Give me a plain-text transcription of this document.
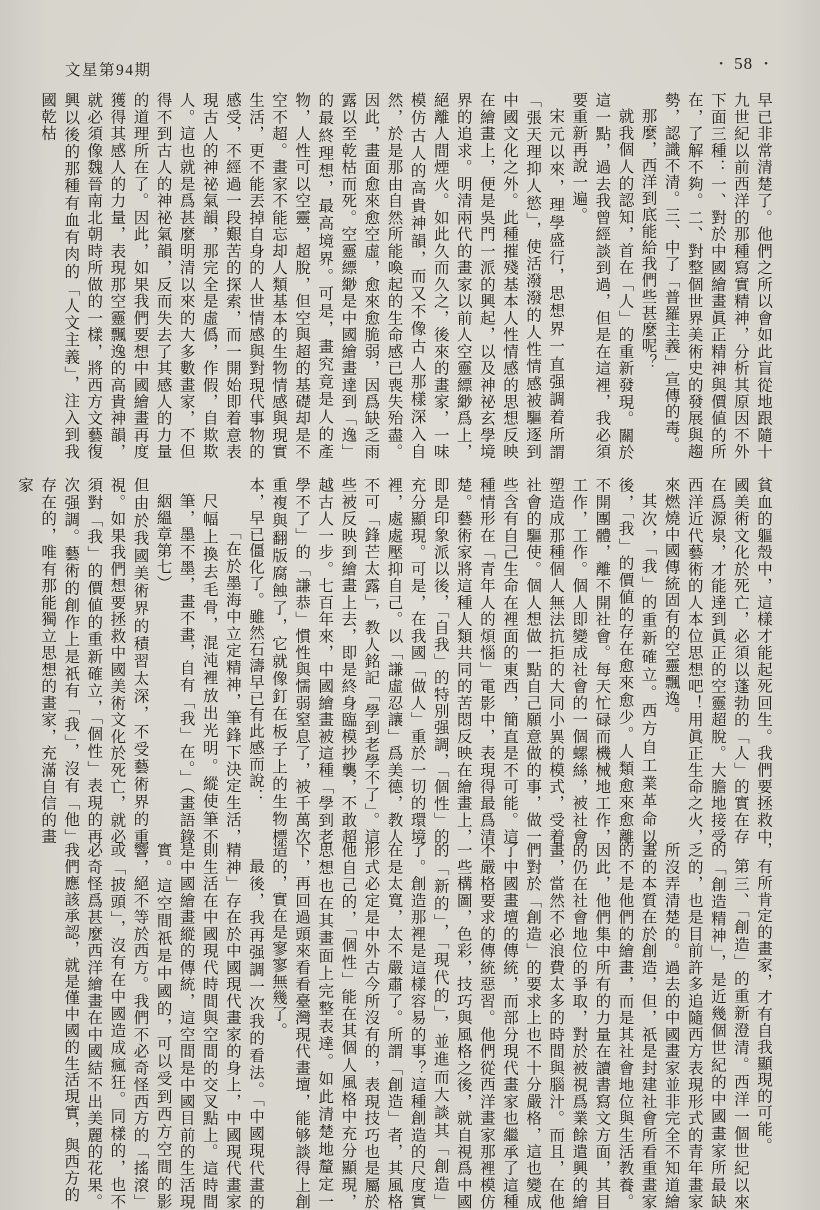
文星第94期	• 58 •

早已非常清楚了。他們之所以會如此盲從地跟隨十九世紀以前西洋的那種寫實精神，分析其原因不外下面三種：一、對於中國繪畫眞正精神與價値的所在，了解不夠。二、對整個世界美術史的發展與趨勢，認識不清。三、中了「普羅主義」宣傳的毒。

那麼，西洋到底能給我們些甚麼呢？

就我個人的認知，首在「人」的重新發現。關於這一點，過去我曾經談到過，但是在這裡，我必須要重新再說一遍。

宋元以來，理學盛行，思想界一直强調着所謂「張天理抑人慾」，使活潑潑的人性情感被驅逐到中國文化之外。此種摧殘基本人性情感的思想反映在繪畫上，便是吳門一派的興起，以及神祕玄學境界的追求。明清兩代的畫家以前人空靈縹緲爲上，絕離人間煙火。如此久而久之，後來的畫家，一味模仿古人的高貴神韻，而又不像古人那樣深入自然，於是那由自然所能喚起的生命感已喪失殆盡。因此，畫面愈來愈空虛，愈來愈脆弱，因爲缺乏雨露以至乾枯而死。空靈縹緲是中國繪畫達到「逸」的最終理想，最高境界。可是，畫究竟是人的產物，人性可以空靈，超脫，但空與超的基礎却是不空不超。畫家不能忘却人類基本的生物情感與現實生活，更不能丟掉自身的人世情感與對現代事物的感受，不經過一段艱苦的探索，而一開始即着意表現古人的神祕氣韻，那完全是虛僞，作假，自欺欺人。這也就是爲甚麼明清以來的大多數畫家，不但得不到古人的神祕氣韻，反而失去了其感人的力量的道理所在了。因此，如果我們要想中國繪畫再度獲得其感人的力量，表現那空靈飄逸的高貴神韻，就必須像魏晉南北朝時所做的一樣，將西方文藝復興以後的那種有血有肉的「人文主義」，注入到我國乾枯

貧血的軀殼中，這樣才能起死回生。我們要拯救中國美術文化於死亡，必須以蓬勃的「人」的實在存在爲源泉，才能達到眞正的空靈超脫。大膽地接受西洋近代藝術的人本位思想吧！用眞正生命之火，來燃燒中國傳統固有的空靈飄逸。

其次，「我」的重新確立。西方自工業革命以後，「我」的價値的存在愈來愈少。人類愈來愈離不開團體，離不開社會。每天忙碌而機械地工作，工作，工作。個人即變成社會的一個螺絲，被社會塑造成那種個人無法抗拒的大同小異的模式，受着社會的驅使。個人想做一點自己願意做的事，做一些含有自己生命在裡面的東西，簡直是不可能。這種情形在「青年人的煩惱」電影中，表現得最爲清楚。藝術家將這種人類共同的苦悶反映在繪畫上，即是印象派以後，「自我」的特別强調，「個性」的充分顯現。可是，在我國「做人」重於一切的環境裡，處處壓抑自己。以「謙虛忍讓」爲美德，教人不可「鋒芒太露」，教人銘記「學到老學不了」。這些被反映到繪畫上去，即是終身臨模抄襲，不敢超越古人一步。七百年來，中國繪畫被這種「學到老學不了」的「謙恭」慣性與懦弱窒息了，被千萬次重複與翻版腐蝕了，它就像釘在板子上的生物標本，早已僵化了。雖然石濤早已有此感而說：

「在於墨海中立定精神，筆鋒下決定生活，尺幅上換去毛骨，混沌裡放出光明。縱使筆不筆，墨不墨，畫不畫，自有「我」在。」（畫語錄絪縕章第七）

但由於我國美術界的積習太深，不受藝術界的重視。如果我們想要拯救中國美術文化於死亡，就必須對「我」的價値的重新確立，「個性」表現的再次强調。藝術的創作上是祇有「我」，沒有「他」存在的，唯有那能獨立思想的畫家，充滿自信的畫家

，有所肯定的畫家，才有自我顯現的可能。

第三、「創造」的重新澄清。西洋一個世紀以來的「創造精神」，是近幾個世紀的中國畫家所最缺乏的，也是目前許多追隨西方表現形式的青年畫家所沒弄清楚的。過去的中國畫家並非完全不知道繪畫的本質在於創造，但，祇是封建社會所看重畫家的不是他們的繪畫，而是其社會地位與生活教養。因此，他們集中所有的力量在讀書寫文方面，其目的仍在社會地位的爭取，對於被視爲業餘遣興的繪畫，當然不必浪費太多的時間與腦汁。而且，在他們對於「創造」的要求上也不十分嚴格，這也變成了中國畫壇的傳統，而部分現代畫家也繼承了這種不嚴格要求的傳統惡習。他們從西洋畫家那裡模仿一些構圖，色彩，技巧與風格之後，就自視爲中國的「新的」，「現代的」，並進而大談其「創造」了。創造那裡是這樣容易的事？這種創造的尺度實在是太寬，太不嚴肅了。所謂「創造」者，其風格形式必定是中外古今所沒有的，表現技巧也是屬於他自己的，「個性」能在其個人風格中充分顯現，思想也在其畫面上完整表達。如此清楚地釐定一下，再回過頭來看看臺灣現代畫壇，能够談得上創造的，實在是寥寥無幾了。

最後，我再强調一次我的看法。「中國現代畫的精神」存在於中國現代畫家的身上，中國現代畫家則生活在中國現代時間與空間的交叉點上。這時間是中國繪畫縱的傳統，這空間是中國目前的生活現實。這空間祇是中國的，可以受到西方空間的影響，絕不等於西方。我們不必奇怪西方的「搖滾」或「披頭」，沒有在中國造成瘋狂。同樣的，也不必奇怪爲甚麼西洋繪畫在中國結不出美麗的花果。我們應該承認，就是僅中國的生活現實，與西方的
